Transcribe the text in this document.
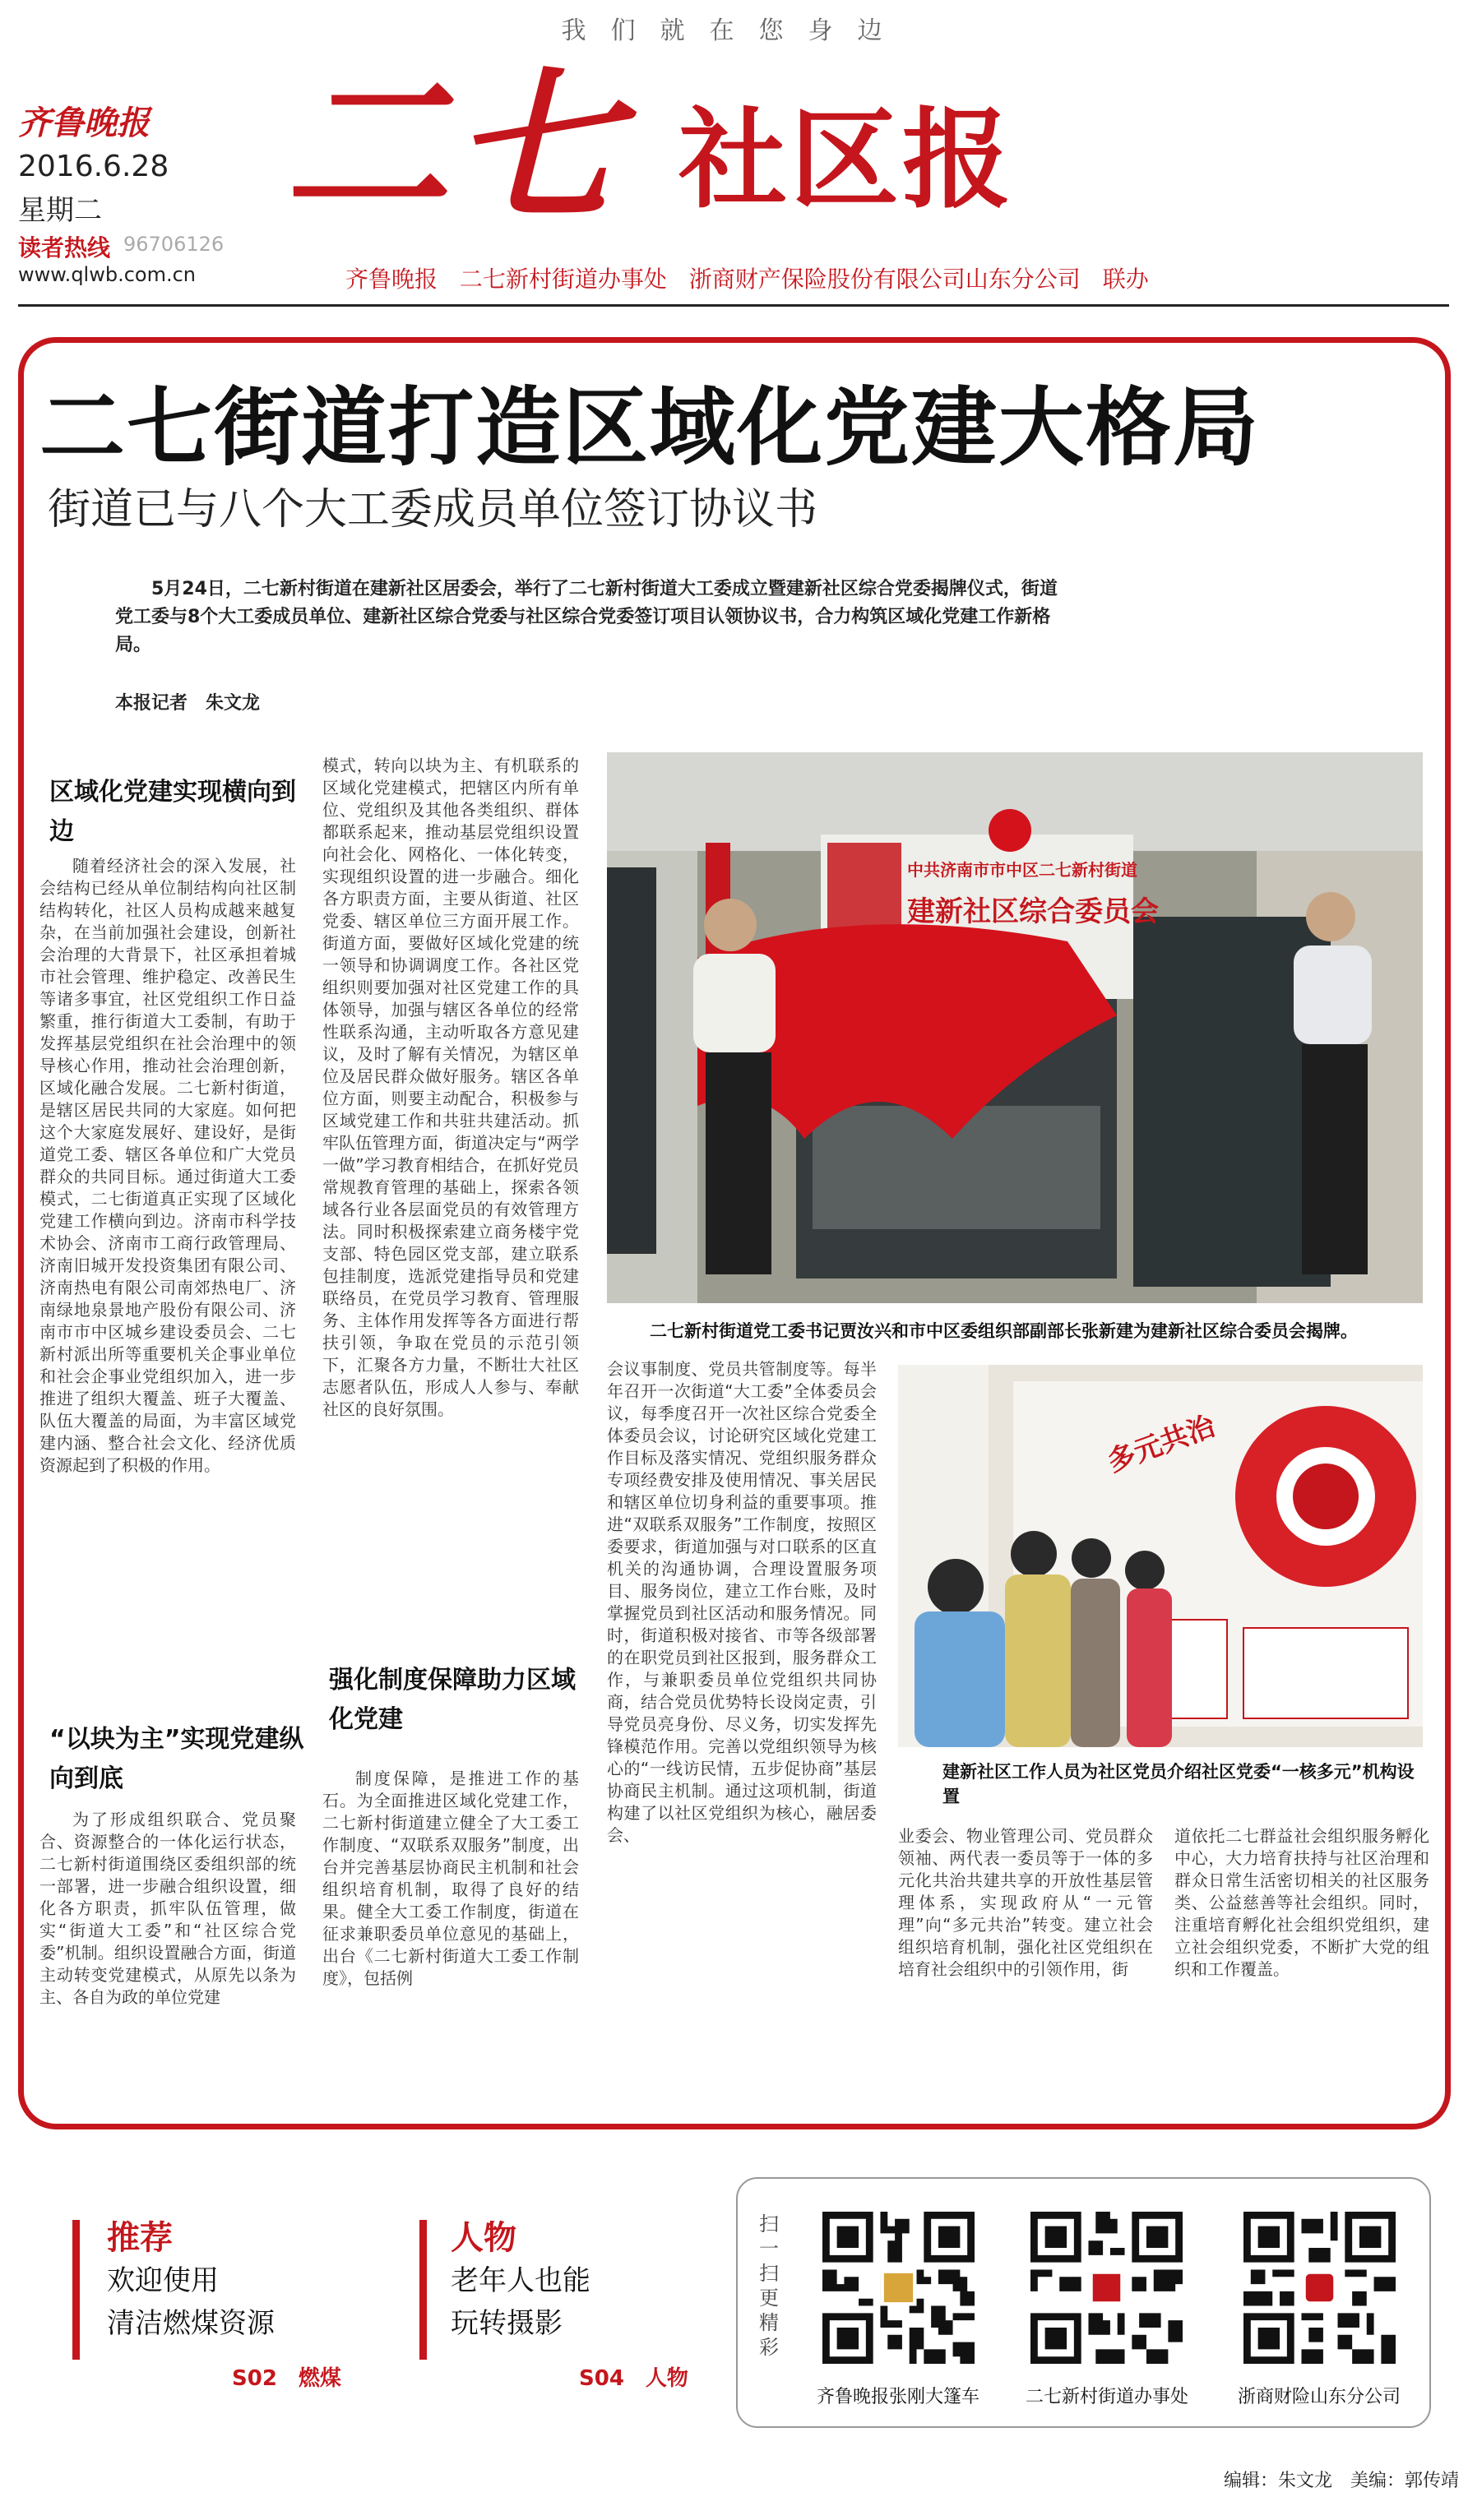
我们就在您身边
齐鲁晚报
2016.6.28
星期二
读者热线 96706126
www.qlwb.com.cn
二七 社区报
齐鲁晚报 二七新村街道办事处 浙商财产保险股份有限公司山东分公司 联办
二七街道打造区域化党建大格局
街道已与八个大工委成员单位签订协议书
5月24日，二七新村街道在建新社区居委会，举行了二七新村街道大工委成立暨建新社区综合党委揭牌仪式，街道党工委与8个大工委成员单位、建新社区综合党委与社区综合党委签订项目认领协议书，合力构筑区域化党建工作新格局。
本报记者　朱文龙
区域化党建实现横向到边
随着经济社会的深入发展，社会结构已经从单位制结构向社区制结构转化，社区人员构成越来越复杂，在当前加强社会建设，创新社会治理的大背景下，社区承担着城市社会管理、维护稳定、改善民生等诸多事宜，社区党组织工作日益繁重，推行街道大工委制，有助于发挥基层党组织在社会治理中的领导核心作用，推动社会治理创新，区域化融合发展。二七新村街道，是辖区居民共同的大家庭。如何把这个大家庭发展好、建设好，是街道党工委、辖区各单位和广大党员群众的共同目标。通过街道大工委模式，二七街道真正实现了区域化党建工作横向到边。济南市科学技术协会、济南市工商行政管理局、济南旧城开发投资集团有限公司、济南热电有限公司南郊热电厂、济南绿地泉景地产股份有限公司、济南市市中区城乡建设委员会、二七新村派出所等重要机关企事业单位和社会企事业党组织加入，进一步推进了组织大覆盖、班子大覆盖、队伍大覆盖的局面，为丰富区域党建内涵、整合社会文化、经济优质资源起到了积极的作用。
“以块为主”实现党建纵向到底
为了形成组织联合、党员聚合、资源整合的一体化运行状态，二七新村街道围绕区委组织部的统一部署，进一步融合组织设置，细化各方职责，抓牢队伍管理，做实“街道大工委”和“社区综合党委”机制。组织设置融合方面，街道主动转变党建模式，从原先以条为主、各自为政的单位党建
模式，转向以块为主、有机联系的区域化党建模式，把辖区内所有单位、党组织及其他各类组织、群体都联系起来，推动基层党组织设置向社会化、网格化、一体化转变，实现组织设置的进一步融合。细化各方职责方面，主要从街道、社区党委、辖区单位三方面开展工作。街道方面，要做好区域化党建的统一领导和协调调度工作。各社区党组织则要加强对社区党建工作的具体领导，加强与辖区各单位的经常性联系沟通，主动听取各方意见建议，及时了解有关情况，为辖区单位及居民群众做好服务。辖区各单位方面，则要主动配合，积极参与区域党建工作和共驻共建活动。抓牢队伍管理方面，街道决定与“两学一做”学习教育相结合，在抓好党员常规教育管理的基础上，探索各领域各行业各层面党员的有效管理方法。同时积极探索建立商务楼宇党支部、特色园区党支部，建立联系包挂制度，选派党建指导员和党建联络员，在党员学习教育、管理服务、主体作用发挥等各方面进行帮扶引领，争取在党员的示范引领下，汇聚各方力量，不断壮大社区志愿者队伍，形成人人参与、奉献社区的良好氛围。
强化制度保障助力区域化党建
制度保障，是推进工作的基石。为全面推进区域化党建工作，二七新村街道建立健全了大工委工作制度、“双联系双服务”制度，出台并完善基层协商民主机制和社会组织培育机制，取得了良好的结果。健全大工委工作制度，街道在征求兼职委员单位意见的基础上，出台《二七新村街道大工委工作制度》，包括例
中共济南市市中区二七新村街道
建新社区综合委员会
二七新村街道党工委书记贾汝兴和市中区委组织部副部长张新建为建新社区综合委员会揭牌。
会议事制度、党员共管制度等。每半年召开一次街道“大工委”全体委员会议，每季度召开一次社区综合党委全体委员会议，讨论研究区域化党建工作目标及落实情况、党组织服务群众专项经费安排及使用情况、事关居民和辖区单位切身利益的重要事项。推进“双联系双服务”工作制度，按照区委要求，街道加强与对口联系的区直机关的沟通协调，合理设置服务项目、服务岗位，建立工作台账，及时掌握党员到社区活动和服务情况。同时，街道积极对接省、市等各级部署的在职党员到社区报到，服务群众工作，与兼职委员单位党组织共同协商，结合党员优势特长设岗定责，引导党员亮身份、尽义务，切实发挥先锋模范作用。完善以党组织领导为核心的“一线访民情，五步促协商”基层协商民主机制。通过这项机制，街道构建了以社区党组织为核心，融居委会、
多元共治
建新社区工作人员为社区党员介绍社区党委“一核多元”机构设置
业委会、物业管理公司、党员群众领袖、两代表一委员等于一体的多元化共治共建共享的开放性基层管理体系，实现政府从“一元管理”向“多元共治”转变。建立社会组织培育机制，强化社区党组织在培育社会组织中的引领作用，街
道依托二七群益社会组织服务孵化中心，大力培育扶持与社区治理和群众日常生活密切相关的社区服务类、公益慈善等社会组织。同时，注重培育孵化社会组织党组织，建立社会组织党委，不断扩大党的组织和工作覆盖。
推荐
欢迎使用
清洁燃煤资源
S02　燃煤
人物
老年人也能
玩转摄影
S04　人物
扫一扫更精彩
齐鲁晚报张刚大篷车	二七新村街道办事处	浙商财险山东分公司
编辑：朱文龙　美编：郭传靖
